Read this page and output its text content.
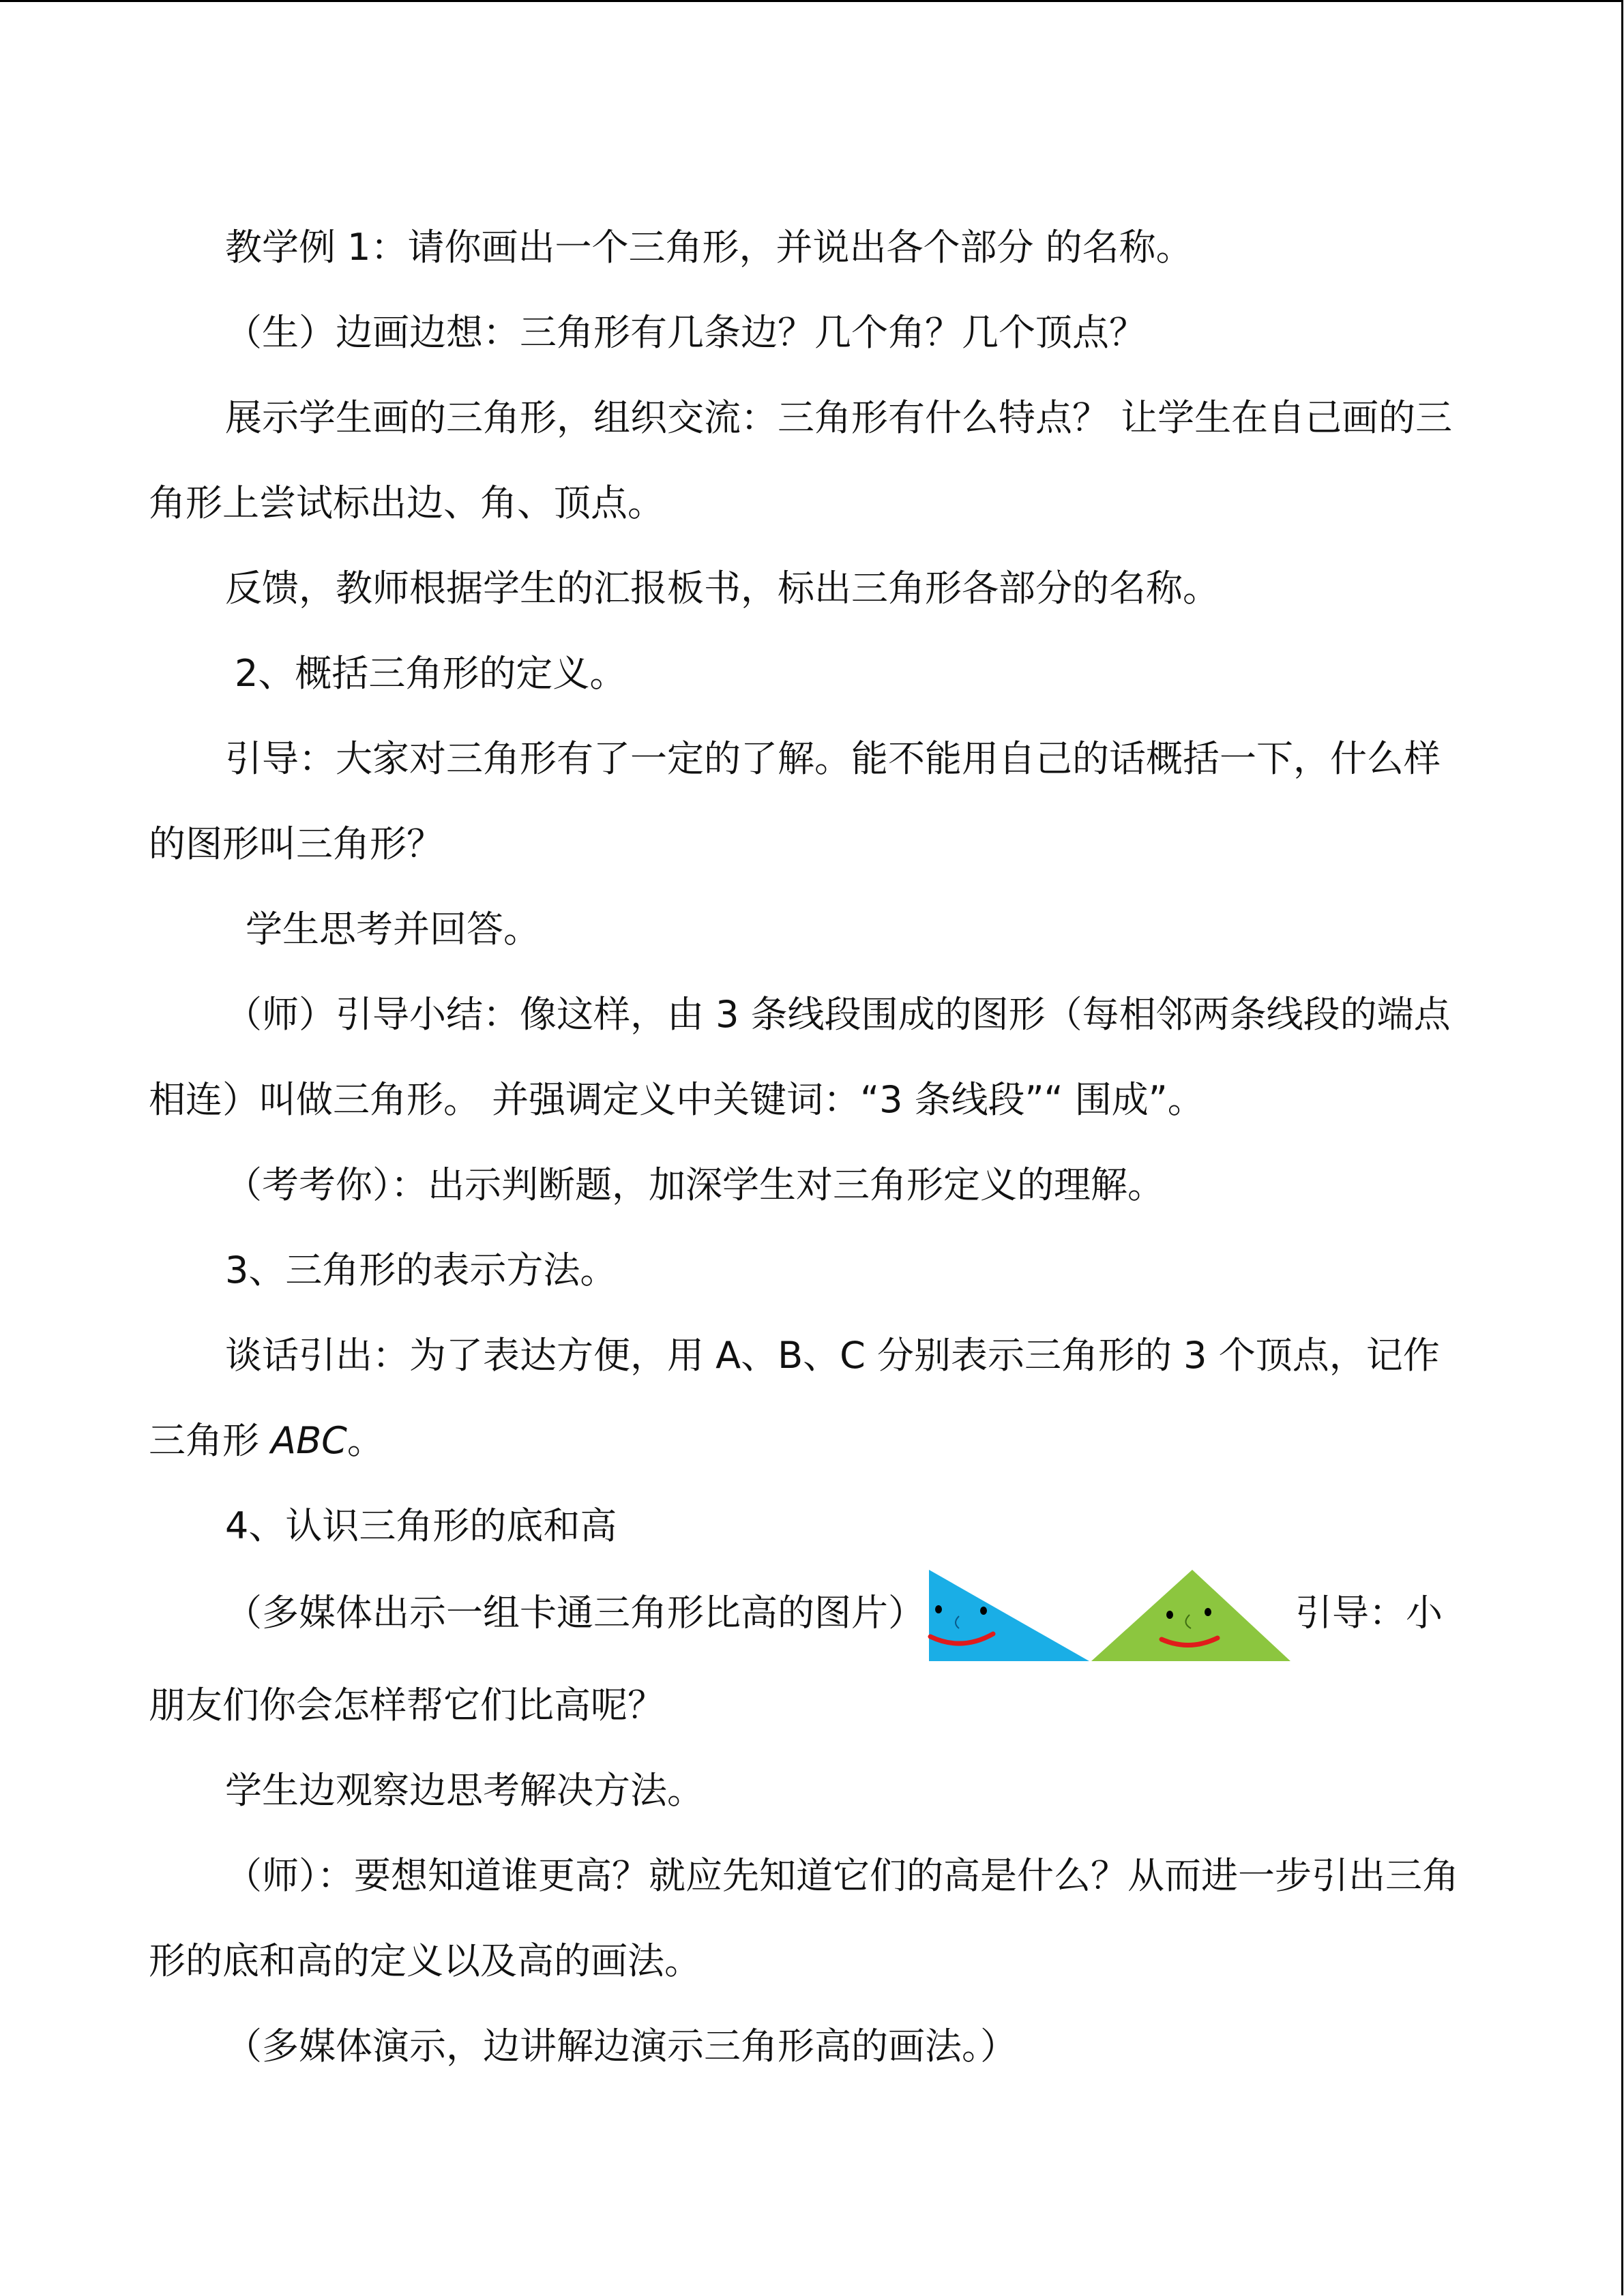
教学例 1：请你画出一个三角形，并说出各个部分 的名称。

（生）边画边想：三角形有几条边？几个角？几个顶点？

展示学生画的三角形，组织交流：三角形有什么特点？ 让学生在自己画的三角形上尝试标出边、角、顶点。

反馈，教师根据学生的汇报板书，标出三角形各部分的名称。

2、概括三角形的定义。

引导：大家对三角形有了一定的了解。能不能用自己的话概括一下，什么样的图形叫三角形？

学生思考并回答。

（师）引导小结：像这样，由 3 条线段围成的图形（每相邻两条线段的端点相连）叫做三角形。 并强调定义中关键词：“3 条线段”“ 围成”。

（考考你）：出示判断题，加深学生对三角形定义的理解。

3、三角形的表示方法。

谈话引出：为了表达方便，用 A、B、C 分别表示三角形的 3 个顶点，记作三角形 ABC。

4、认识三角形的底和高

（多媒体出示一组卡通三角形比高的图片）	引导：小朋友们你会怎样帮它们比高呢？

学生边观察边思考解决方法。

（师）：要想知道谁更高？就应先知道它们的高是什么？从而进一步引出三角形的底和高的定义以及高的画法。

（多媒体演示，边讲解边演示三角形高的画法。）
